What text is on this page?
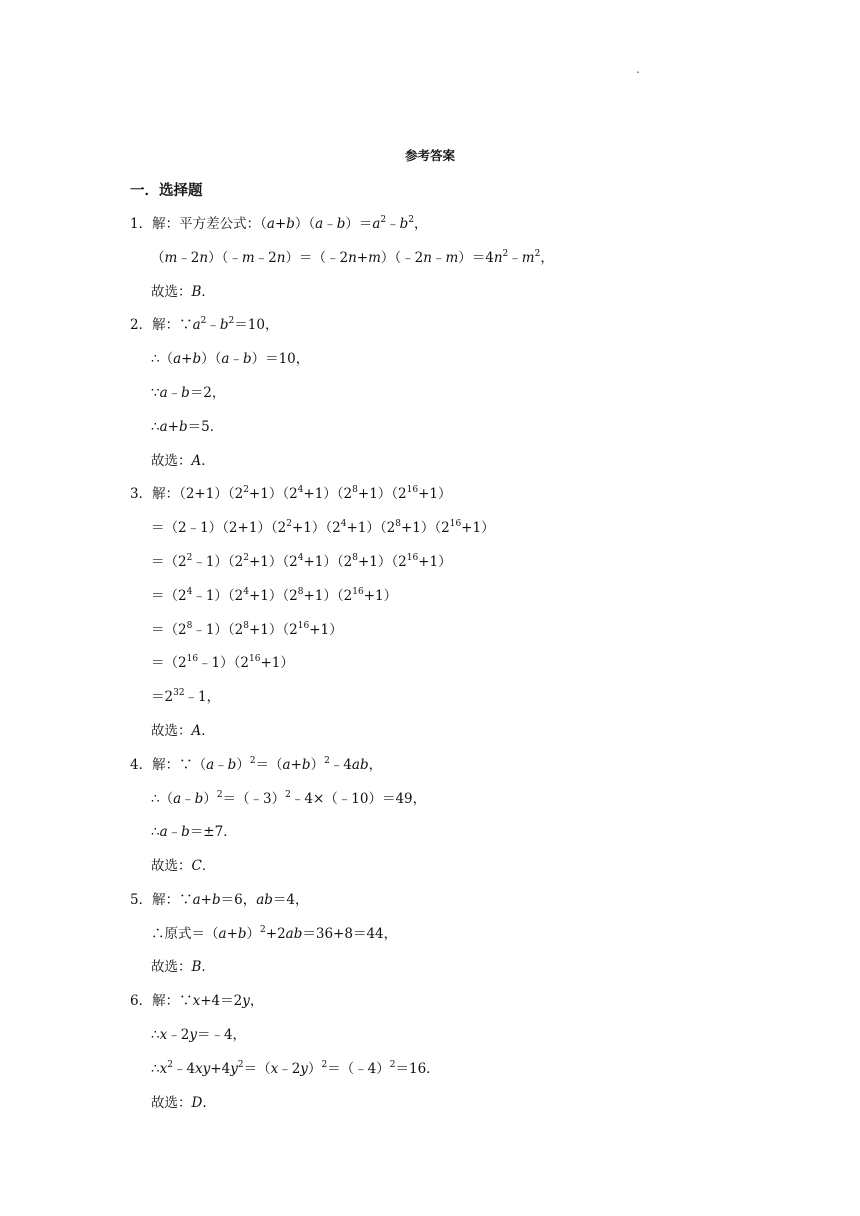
.
参考答案
一．选择题
1．解：平方差公式：$(a+b)(a﹣b)=a^2﹣b^2$，
$(m﹣2n)(﹣m﹣2n)=(﹣2n+m)(﹣2n﹣m)=4n^2﹣m^2$，
故选：B．
2．解：$\because a^2﹣b^2=10$，
∴（a+b）（a﹣b）＝10，
∵a﹣b＝2，
∴a+b＝5．
故选：A．
3．解：$(2+1)(2^2+1)(2^4+1)(2^8+1)(2^{16}+1)$
$=(2﹣1)(2+1)(2^2+1)(2^4+1)(2^8+1)(2^{16}+1)$
$=(2^2﹣1)(2^2+1)(2^4+1)(2^8+1)(2^{16}+1)$
$=(2^4﹣1)(2^4+1)(2^8+1)(2^{16}+1)$
$=(2^8﹣1)(2^8+1)(2^{16}+1)$
$=(2^{16}﹣1)(2^{16}+1)$
$=2^{32}﹣1$，
故选：A．
4．解：$\because(a﹣b)^2=(a+b)^2﹣4ab$，
∴（a﹣b）$^2$＝（﹣3）$^2$﹣4×（﹣10）＝49，
∴a﹣b＝±7．
故选：C．
5．解：∵a+b＝6，ab＝4，
∴原式$=(a+b)^2+2ab=36+8=44$，
故选：B．
6．解：∵x+4＝2y，
∴x﹣2y＝﹣4，
$\therefore x^2﹣4xy+4y^2=(x﹣2y)^2=(﹣4)^2=16$．
故选：D．
